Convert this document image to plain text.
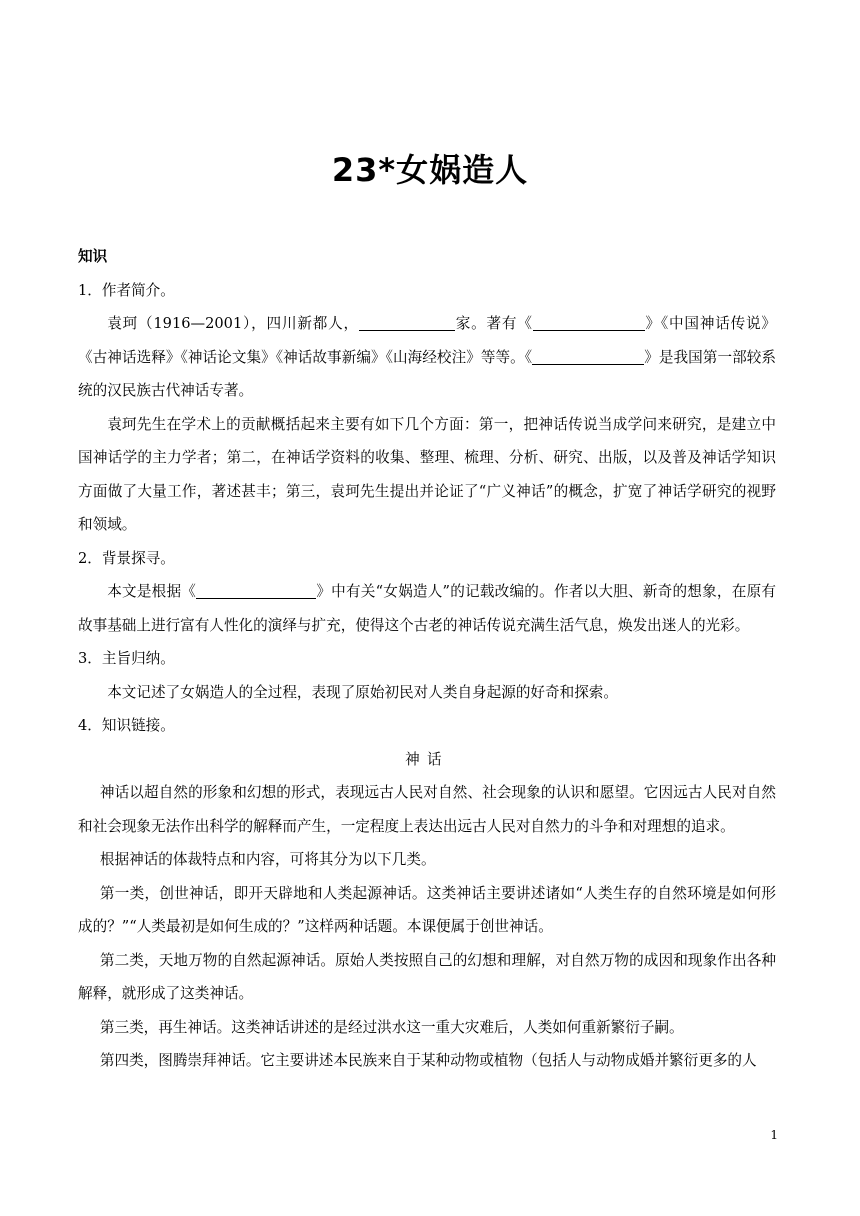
23*女娲造人

知识

1．作者简介。

袁珂（1916—2001），四川新都人，	家。著有《	》《中国神话传说》《古神话选释》《神话论文集》《神话故事新编》《山海经校注》等等。《	》是我国第一部较系统的汉民族古代神话专著。

袁珂先生在学术上的贡献概括起来主要有如下几个方面：第一，把神话传说当成学问来研究，是建立中国神话学的主力学者；第二，在神话学资料的收集、整理、梳理、分析、研究、出版，以及普及神话学知识方面做了大量工作，著述甚丰；第三，袁珂先生提出并论证了“广义神话”的概念，扩宽了神话学研究的视野和领域。

2．背景探寻。

本文是根据《	》中有关“女娲造人”的记载改编的。作者以大胆、新奇的想象，在原有故事基础上进行富有人性化的演绎与扩充，使得这个古老的神话传说充满生活气息，焕发出迷人的光彩。

3．主旨归纳。

本文记述了女娲造人的全过程，表现了原始初民对人类自身起源的好奇和探索。

4．知识链接。

神话

神话以超自然的形象和幻想的形式，表现远古人民对自然、社会现象的认识和愿望。它因远古人民对自然和社会现象无法作出科学的解释而产生，一定程度上表达出远古人民对自然力的斗争和对理想的追求。

根据神话的体裁特点和内容，可将其分为以下几类。

第一类，创世神话，即开天辟地和人类起源神话。这类神话主要讲述诸如“人类生存的自然环境是如何形成的？”“人类最初是如何生成的？”这样两种话题。本课便属于创世神话。

第二类，天地万物的自然起源神话。原始人类按照自己的幻想和理解，对自然万物的成因和现象作出各种解释，就形成了这类神话。

第三类，再生神话。这类神话讲述的是经过洪水这一重大灾难后，人类如何重新繁衍子嗣。

第四类，图腾崇拜神话。它主要讲述本民族来自于某种动物或植物（包括人与动物成婚并繁衍更多的人

1
